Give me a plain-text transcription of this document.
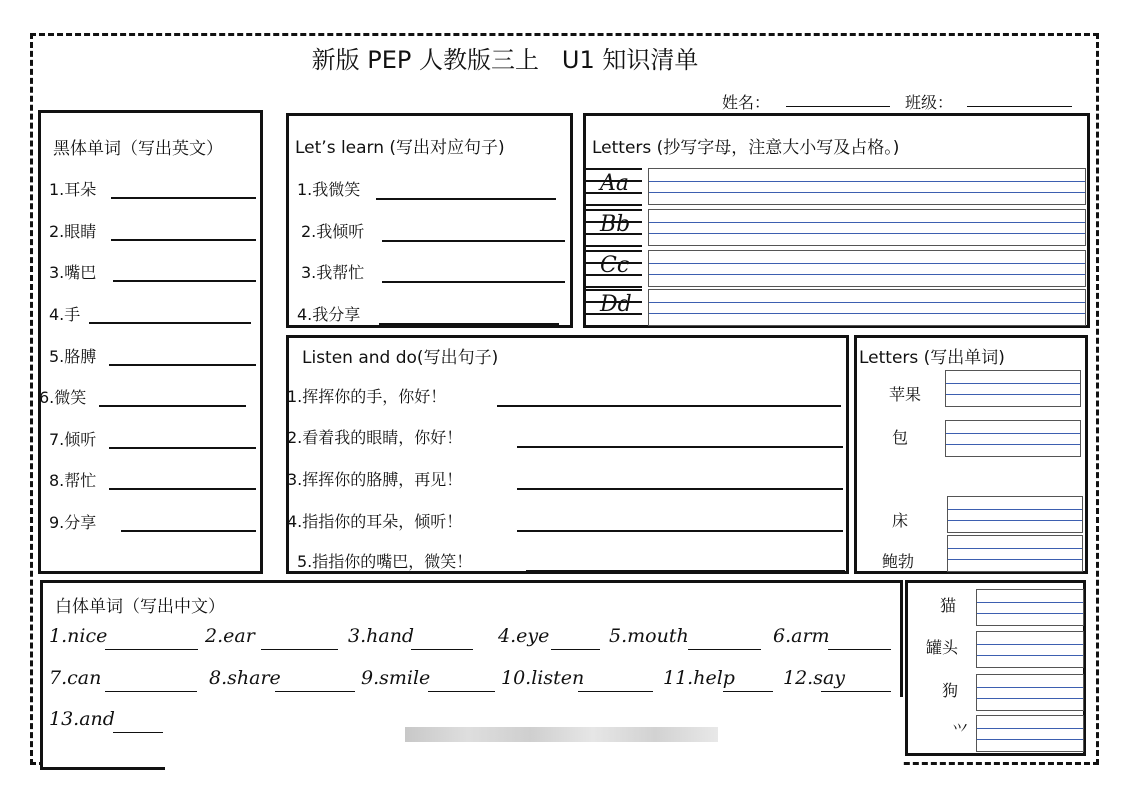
新版 PEP 人教版三上   U1 知识清单
姓名：	班级：
黑体单词（写出英文）
1.耳朵
2.眼睛
3.嘴巴
4.手
5.胳膊
6.微笑
7.倾听
8.帮忙
9.分享
Let’s learn (写出对应句子)
1.我微笑
2.我倾听
3.我帮忙
4.我分享
Letters (抄写字母，注意大小写及占格。)
Aa
Bb
Cc
Dd
Listen and do(写出句子)
1.挥挥你的手，你好！
2.看着我的眼睛，你好！
3.挥挥你的胳膊，再见！
4.指指你的耳朵，倾听！
5.指指你的嘴巴，微笑！
Letters (写出单词)
苹果
包
床
鲍勃
白体单词（写出中文）
1.nice	2.ear	3.hand	4.eye	5.mouth	6.arm
7.can	8.share	9.smile	10.listen	11.help	12.say
13.and
猫
罐头
狗
⺍
